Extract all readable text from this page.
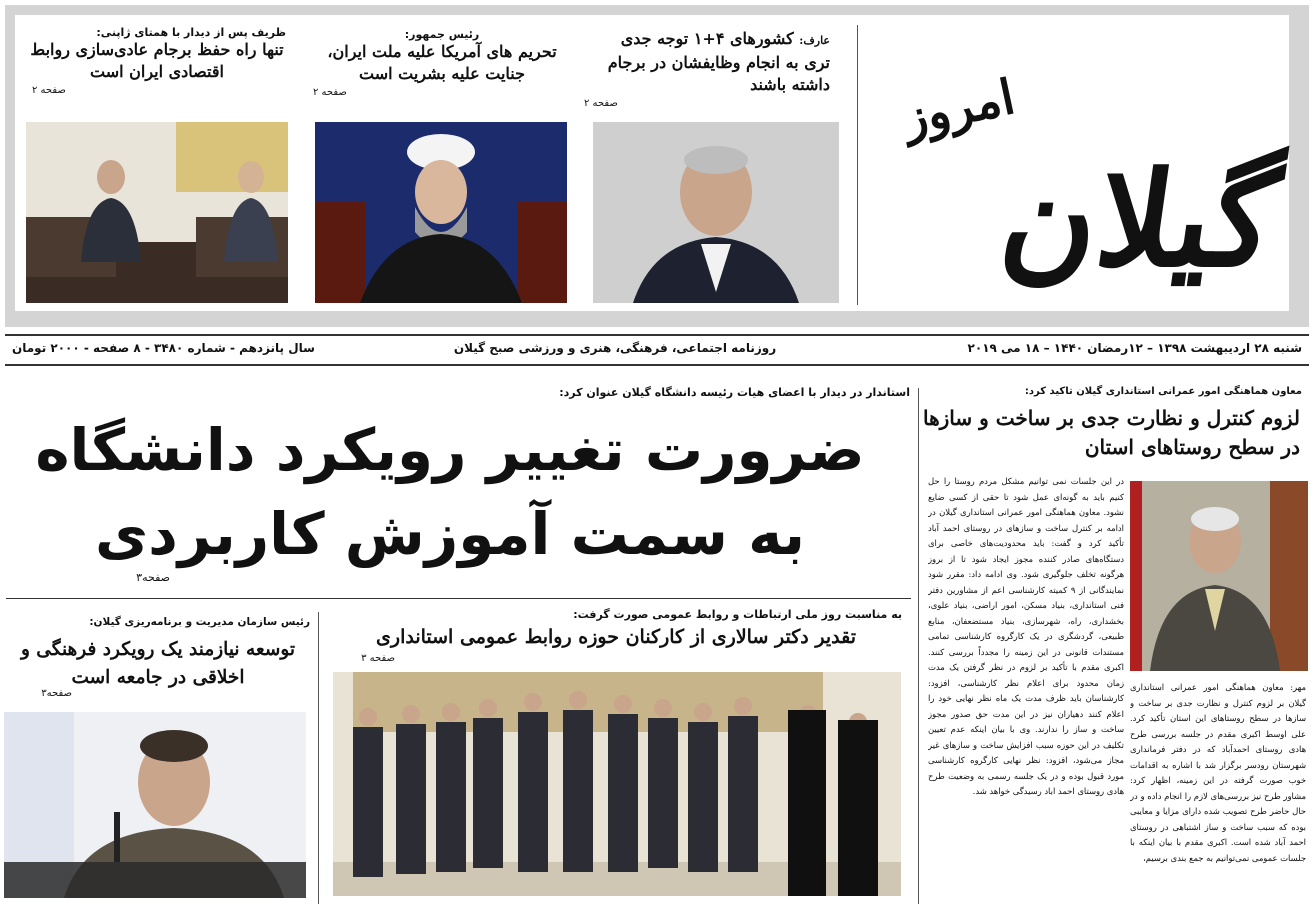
گیلان
امروز
عارف: کشورهای ۴+۱ توجه جدی تری به انجام وظایفشان در برجام داشته باشند
صفحه ۲
رئیس جمهور:
تحریم های آمریکا علیه ملت ایران، جنایت علیه بشریت است
صفحه ۲
ظریف پس از دیدار با همتای ژاپنی:
تنها راه حفظ برجام عادی‌سازی روابط اقتصادی ایران است
صفحه ۲
شنبه ۲۸ اردیبهشت ۱۳۹۸ – ۱۲رمضان ۱۴۴۰ – ۱۸ می ۲۰۱۹
روزنامه اجتماعی، فرهنگی، هنری و ورزشی صبح گیلان
سال پانزدهم - شماره ۳۴۸۰ - ۸ صفحه - ۲۰۰۰ تومان
معاون هماهنگی امور عمرانی استانداری گیلان تاکید کرد:
لزوم کنترل و نظارت جدی بر ساخت و سازها در سطح روستاهای استان
در این جلسات نمی توانیم مشکل مردم روستا را حل کنیم باید به گونه‌ای عمل شود تا حقی از کسی ضایع نشود. معاون هماهنگی امور عمرانی استانداری گیلان در ادامه بر کنترل ساخت و سازهای در روستای احمد آباد تأکید کرد و گفت: باید محدودیت‌های خاصی برای دستگاه‌های صادر کننده مجوز ایجاد شود تا از بروز هرگونه تخلف جلوگیری شود. وی ادامه داد: مقرر شود نمایندگانی از ۹ کمیته کارشناسی اعم از مشاورین دفتر فنی استانداری، بنیاد مسکن، امور اراضی، بنیاد علوی، بخشداری، راه، شهرسازی، بنیاد مستضعفان، منابع طبیعی، گردشگری در یک کارگروه کارشناسی تمامی مستندات قانونی در این زمینه را مجدداً بررسی کنند. اکبری مقدم با تأکید بر لزوم در نظر گرفتن یک مدت زمان محدود برای اعلام نظر کارشناسی، افزود: کارشناسان باید ظرف مدت یک ماه نظر نهایی خود را اعلام کنند دهیاران نیز در این مدت حق صدور مجوز ساخت و ساز را ندارند. وی با بیان اینکه عدم تعیین تکلیف در این حوزه سبب افزایش ساخت و سازهای غیر مجاز می‌شود، افزود: نظر نهایی کارگروه کارشناسی مورد قبول بوده و در یک جلسه رسمی به وضعیت طرح هادی روستای احمد اباد رسیدگی خواهد شد.
مهر: معاون هماهنگی امور عمرانی استانداری گیلان بر لزوم کنترل و نظارت جدی بر ساخت و سازها در سطح روستاهای این استان تأکید کرد. علی اوسط اکبری مقدم در جلسه بررسی طرح هادی روستای احمدآباد که در دفتر فرمانداری شهرستان رودسر برگزار شد با اشاره به اقدامات خوب صورت گرفته در این زمینه، اظهار کرد: مشاور طرح نیز بررسی‌های لازم را انجام داده و در حال حاضر طرح تصویب شده دارای مزایا و معایبی بوده که سبب ساخت و ساز اشتباهی در روستای احمد آباد شده است. اکبری مقدم با بیان اینکه با جلسات عمومی نمی‌توانیم به جمع بندی برسیم،
استاندار در دیدار با اعضای هیات رئیسه دانشگاه گیلان عنوان کرد:
ضرورت تغییر رویکرد دانشگاه به سمت آموزش کاربردی
صفحه۳
به مناسبت روز ملی ارتباطات و روابط عمومی صورت گرفت:
تقدیر دکتر سالاری از کارکنان حوزه روابط عمومی استانداری
صفحه ۳
رئیس سازمان مدیریت و برنامه‌ریزی گیلان:
توسعه نیازمند یک رویکرد فرهنگی و اخلاقی در جامعه است
صفحه۳
